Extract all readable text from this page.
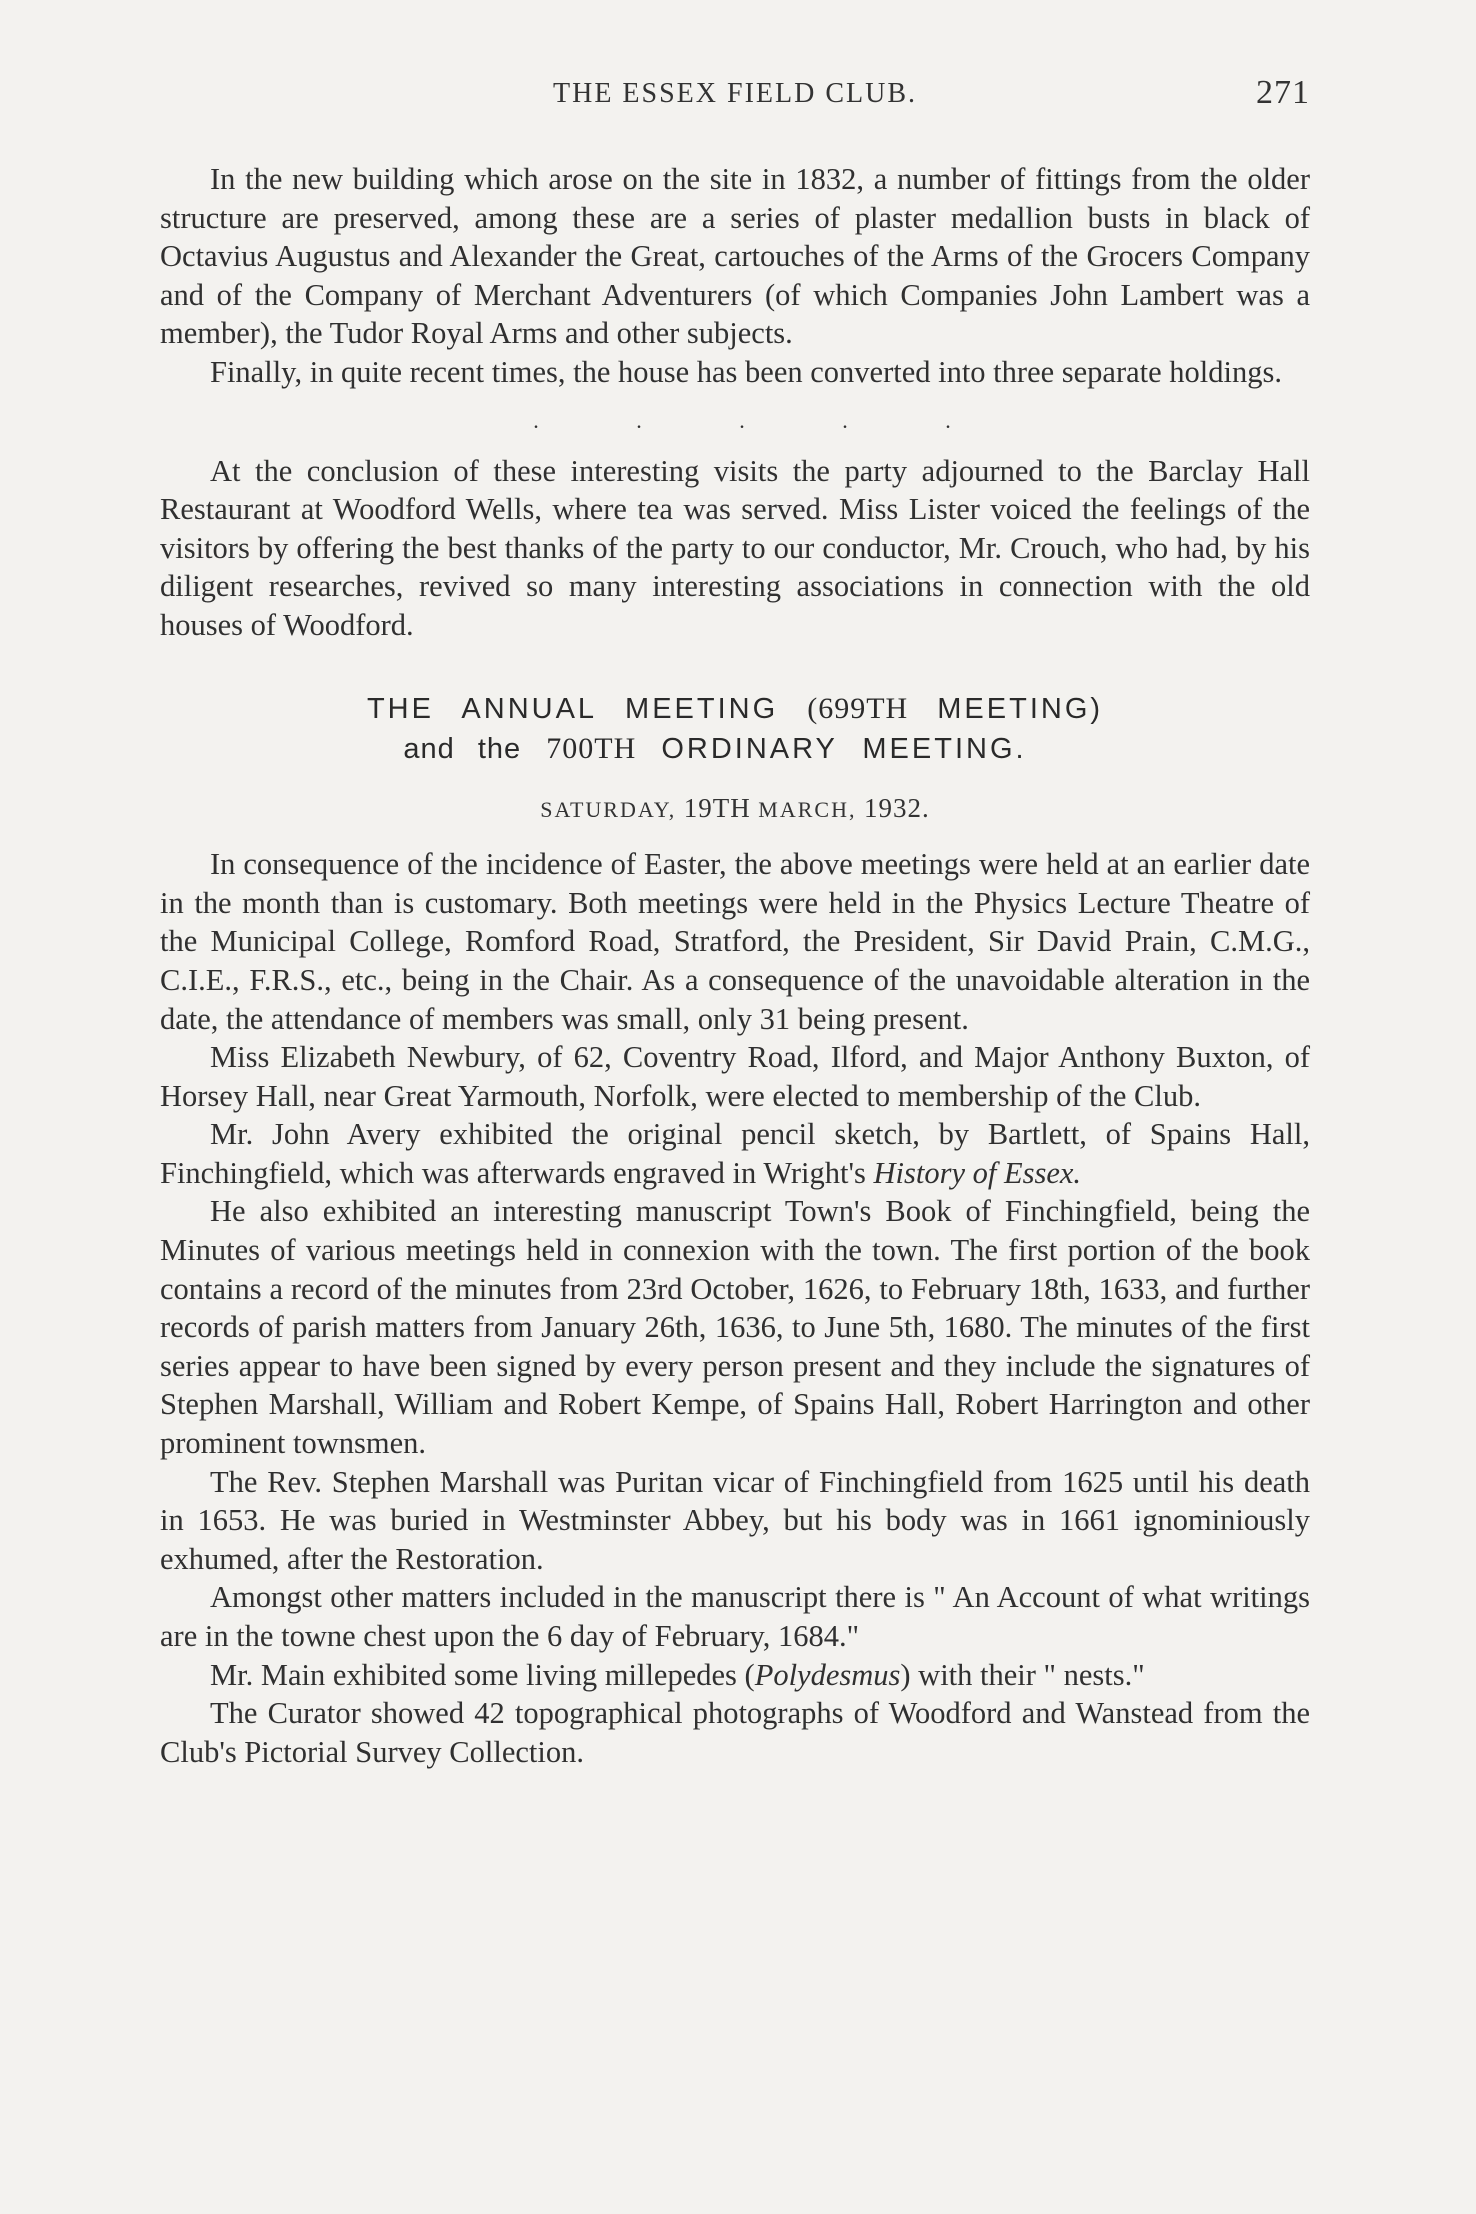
THE ESSEX FIELD CLUB.	271

In the new building which arose on the site in 1832, a number of fittings from the older structure are preserved, among these are a series of plaster medallion busts in black of Octavius Augustus and Alexander the Great, cartouches of the Arms of the Grocers Company and of the Company of Merchant Adventurers (of which Companies John Lambert was a member), the Tudor Royal Arms and other subjects.

Finally, in quite recent times, the house has been converted into three separate holdings.

. . . . .

At the conclusion of these interesting visits the party adjourned to the Barclay Hall Restaurant at Woodford Wells, where tea was served. Miss Lister voiced the feelings of the visitors by offering the best thanks of the party to our conductor, Mr. Crouch, who had, by his diligent researches, revived so many interesting associations in connection with the old houses of Woodford.

THE ANNUAL MEETING (699TH MEETING)
and the 700TH ORDINARY MEETING.
SATURDAY, 19TH MARCH, 1932.

In consequence of the incidence of Easter, the above meetings were held at an earlier date in the month than is customary. Both meetings were held in the Physics Lecture Theatre of the Municipal College, Romford Road, Stratford, the President, Sir David Prain, C.M.G., C.I.E., F.R.S., etc., being in the Chair. As a consequence of the unavoidable alteration in the date, the attendance of members was small, only 31 being present.

Miss Elizabeth Newbury, of 62, Coventry Road, Ilford, and Major Anthony Buxton, of Horsey Hall, near Great Yarmouth, Norfolk, were elected to membership of the Club.

Mr. John Avery exhibited the original pencil sketch, by Bartlett, of Spains Hall, Finchingfield, which was afterwards engraved in Wright's History of Essex.

He also exhibited an interesting manuscript Town's Book of Finchingfield, being the Minutes of various meetings held in connexion with the town. The first portion of the book contains a record of the minutes from 23rd October, 1626, to February 18th, 1633, and further records of parish matters from January 26th, 1636, to June 5th, 1680. The minutes of the first series appear to have been signed by every person present and they include the signatures of Stephen Marshall, William and Robert Kempe, of Spains Hall, Robert Harrington and other prominent townsmen.

The Rev. Stephen Marshall was Puritan vicar of Finchingfield from 1625 until his death in 1653. He was buried in Westminster Abbey, but his body was in 1661 ignominiously exhumed, after the Restoration.

Amongst other matters included in the manuscript there is " An Account of what writings are in the towne chest upon the 6 day of February, 1684."

Mr. Main exhibited some living millepedes (Polydesmus) with their " nests."

The Curator showed 42 topographical photographs of Woodford and Wanstead from the Club's Pictorial Survey Collection.
